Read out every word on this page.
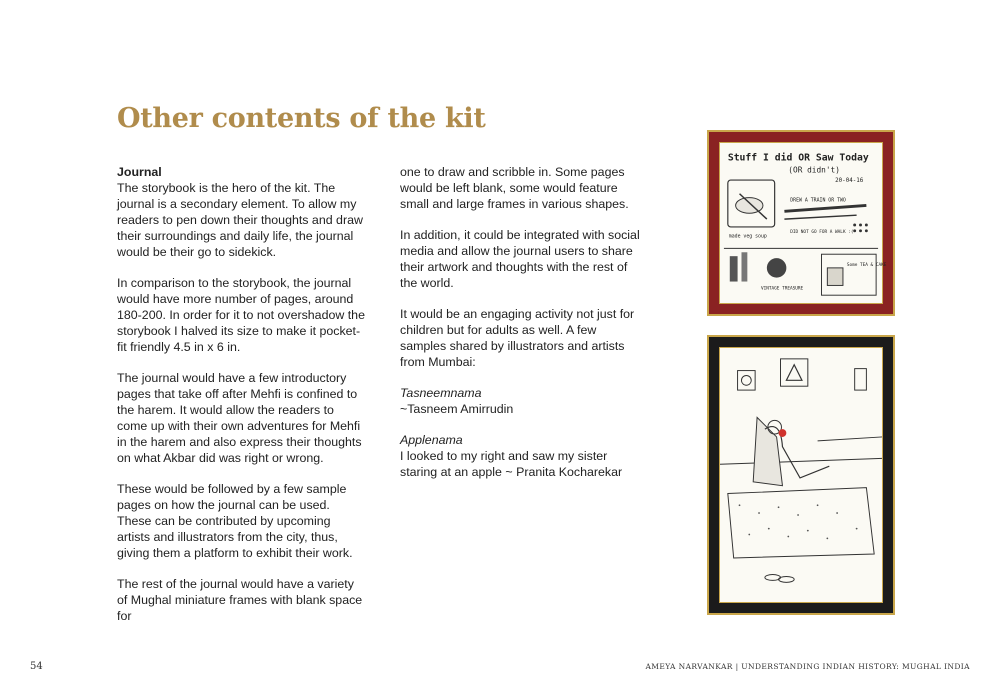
Other contents of the kit
Journal

The storybook is the hero of the kit. The journal is a secondary element. To allow my readers to pen down their thoughts and draw their surroundings and daily life, the journal would be their go to sidekick.

In comparison to the storybook, the journal would have more number of pages, around 180-200. In order for it to not overshadow the storybook I halved its size to make it pocket-fit friendly 4.5 in x 6 in.

The journal would have a few introductory pages that take off after Mehfi is confined to the harem. It would allow the readers to come up with their own adventures for Mehfi in the harem and also express their thoughts on what Akbar did was right or wrong.

These would be followed by a few sample pages on how the journal can be used. These can be contributed by upcoming artists and illustrators from the city, thus, giving them a platform to exhibit their work.

The rest of the journal would have a variety of Mughal miniature frames with blank space for

one to draw and scribble in. Some pages would be left blank, some would feature small and large frames in various shapes.

In addition, it could be integrated with social media and allow the journal users to share their artwork and thoughts with the rest of the world.

It would be an engaging activity not just for children but for adults as well. A few samples shared by illustrators and artists from Mumbai:

Tasneemnama
~Tasneem Amirrudin

Applenama
I looked to my right and saw my sister staring at an apple ~ Pranita Kocharekar

Stuff I did OR Saw Today
(OR didn't)
20-04-16
made veg soup
DREW A TRAIN OR TWO
DID NOT GO FOR A WALK :(
VINTAGE TREASURE
Some TEA & CAKE
54	AMEYA NARVANKAR | UNDERSTANDING INDIAN HISTORY: MUGHAL INDIA
